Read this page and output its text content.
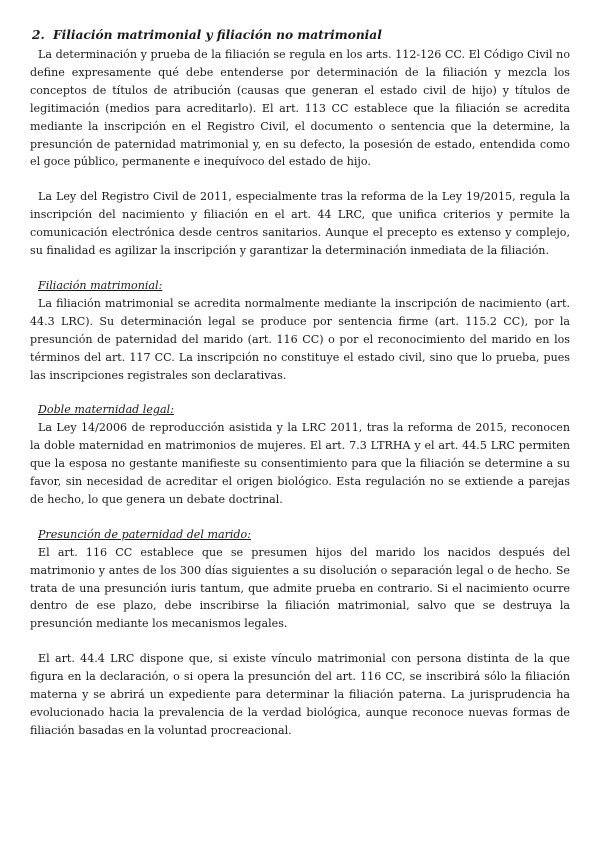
2. Filiación matrimonial y filiación no matrimonial

La determinación y prueba de la filiación se regula en los arts. 112-126 CC. El Código Civil no define expresamente qué debe entenderse por determinación de la filiación y mezcla los conceptos de títulos de atribución (causas que generan el estado civil de hijo) y títulos de legitimación (medios para acreditarlo). El art. 113 CC establece que la filiación se acredita mediante la inscripción en el Registro Civil, el documento o sentencia que la determine, la presunción de paternidad matrimonial y, en su defecto, la posesión de estado, entendida como el goce público, permanente e inequívoco del estado de hijo.

La Ley del Registro Civil de 2011, especialmente tras la reforma de la Ley 19/2015, regula la inscripción del nacimiento y filiación en el art. 44 LRC, que unifica criterios y permite la comunicación electrónica desde centros sanitarios. Aunque el precepto es extenso y complejo, su finalidad es agilizar la inscripción y garantizar la determinación inmediata de la filiación.

Filiación matrimonial:

La filiación matrimonial se acredita normalmente mediante la inscripción de nacimiento (art. 44.3 LRC). Su determinación legal se produce por sentencia firme (art. 115.2 CC), por la presunción de paternidad del marido (art. 116 CC) o por el reconocimiento del marido en los términos del art. 117 CC. La inscripción no constituye el estado civil, sino que lo prueba, pues las inscripciones registrales son declarativas.

Doble maternidad legal:

La Ley 14/2006 de reproducción asistida y la LRC 2011, tras la reforma de 2015, reconocen la doble maternidad en matrimonios de mujeres. El art. 7.3 LTRHA y el art. 44.5 LRC permiten que la esposa no gestante manifieste su consentimiento para que la filiación se determine a su favor, sin necesidad de acreditar el origen biológico. Esta regulación no se extiende a parejas de hecho, lo que genera un debate doctrinal.

Presunción de paternidad del marido:

El art. 116 CC establece que se presumen hijos del marido los nacidos después del matrimonio y antes de los 300 días siguientes a su disolución o separación legal o de hecho. Se trata de una presunción iuris tantum, que admite prueba en contrario. Si el nacimiento ocurre dentro de ese plazo, debe inscribirse la filiación matrimonial, salvo que se destruya la presunción mediante los mecanismos legales.

El art. 44.4 LRC dispone que, si existe vínculo matrimonial con persona distinta de la que figura en la declaración, o si opera la presunción del art. 116 CC, se inscribirá sólo la filiación materna y se abrirá un expediente para determinar la filiación paterna. La jurisprudencia ha evolucionado hacia la prevalencia de la verdad biológica, aunque reconoce nuevas formas de filiación basadas en la voluntad procreacional.
